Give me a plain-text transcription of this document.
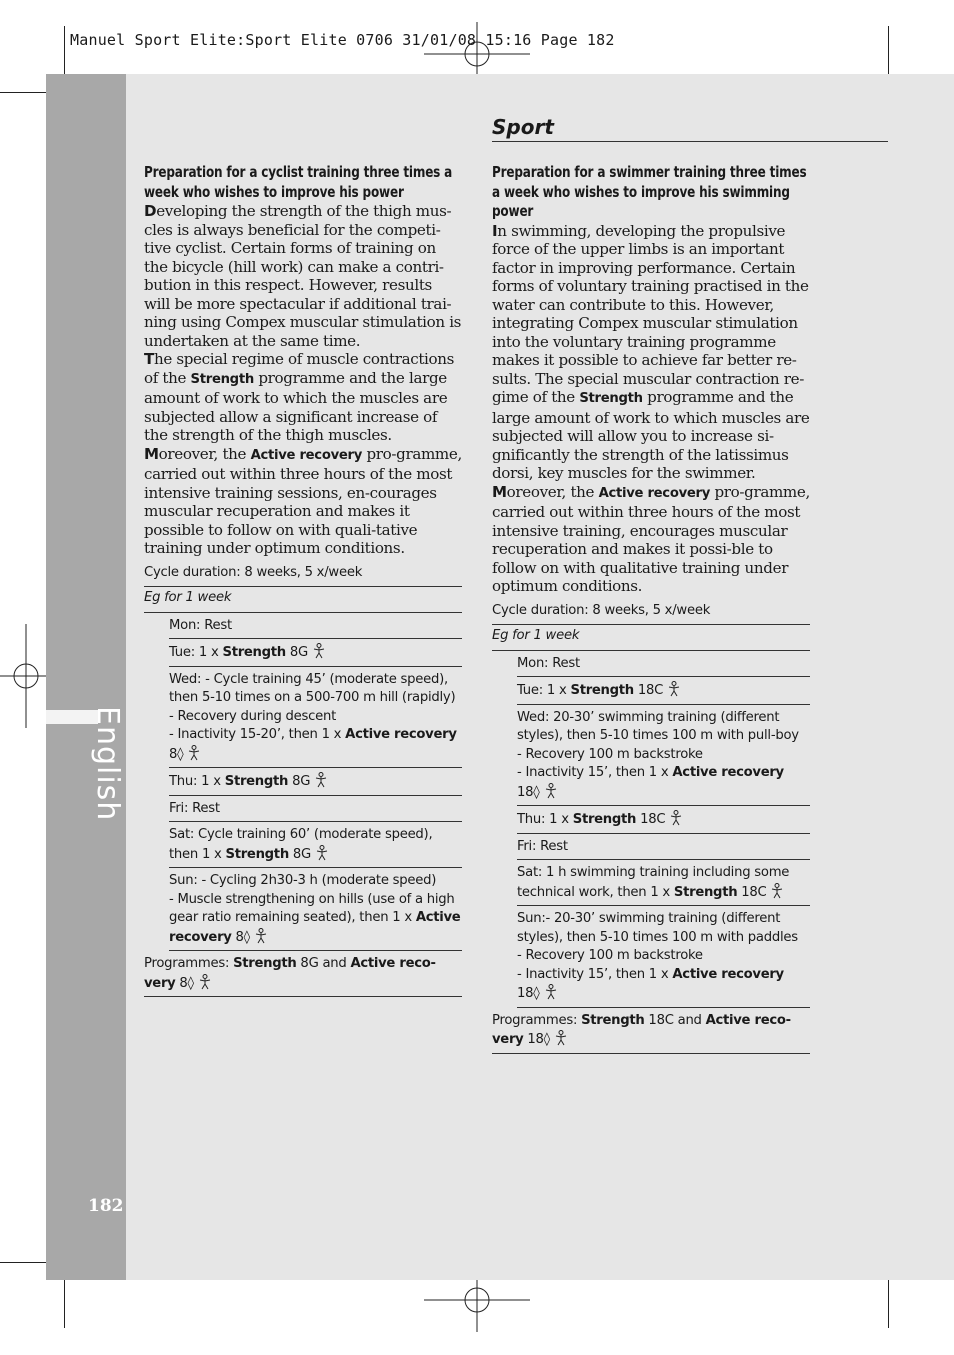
Manuel Sport Elite:Sport Elite 0706 31/01/08 15:16 Page 182
English
182
Sport
Preparation for a cyclist training three times a week who wishes to improve his power

Developing the strength of the thigh mus-cles is always beneficial for the competi-tive cyclist. Certain forms of training on the bicycle (hill work) can make a contri-bution in this respect. However, results will be more spectacular if additional trai-ning using Compex muscular stimulation is undertaken at the same time.

The special regime of muscle contractions of the Strength programme and the large amount of work to which the muscles are subjected allow a significant increase of the strength of the thigh muscles.

Moreover, the Active recovery pro-gramme, carried out within three hours of the most intensive training sessions, en-courages muscular recuperation and makes it possible to follow on with quali-tative training under optimum conditions.

Cycle duration: 8 weeks, 5 x/week
Eg for 1 week
Mon: Rest
Tue: 1 x Strength 8G
Wed: - Cycle training 45’ (moderate speed), then 5-10 times on a 500-700 m hill (rapidly)
- Recovery during descent
- Inactivity 15-20’, then 1 x Active recovery
8◊
Thu: 1 x Strength 8G
Fri: Rest
Sat: Cycle training 60’ (moderate speed), then 1 x Strength 8G
Sun: - Cycling 2h30-3 h (moderate speed)
- Muscle strengthening on hills (use of a high gear ratio remaining seated), then 1 x Active recovery 8◊
Programmes: Strength 8G and Active reco-very 8◊
Preparation for a swimmer training three times a week who wishes to improve his swimming power

In swimming, developing the propulsive force of the upper limbs is an important factor in improving performance. Certain forms of voluntary training practised in the water can contribute to this. However, integrating Compex muscular stimulation into the voluntary training programme makes it possible to achieve far better re-sults. The special muscular contraction re-gime of the Strength programme and the large amount of work to which muscles are subjected will allow you to increase si-gnificantly the strength of the latissimus dorsi, key muscles for the swimmer.

Moreover, the Active recovery pro-gramme, carried out within three hours of the most intensive training, encourages muscular recuperation and makes it possi-ble to follow on with qualitative training under optimum conditions.

Cycle duration: 8 weeks, 5 x/week
Eg for 1 week
Mon: Rest
Tue: 1 x Strength 18C
Wed: 20-30’ swimming training (different styles), then 5-10 times 100 m with pull-boy
- Recovery 100 m backstroke
- Inactivity 15’, then 1 x Active recovery
18◊
Thu: 1 x Strength 18C
Fri: Rest
Sat: 1 h swimming training including some technical work, then 1 x Strength 18C
Sun:- 20-30’ swimming training (different styles), then 5-10 times 100 m with paddles
- Recovery 100 m backstroke
- Inactivity 15’, then 1 x Active recovery
18◊
Programmes: Strength 18C and Active reco-very 18◊
